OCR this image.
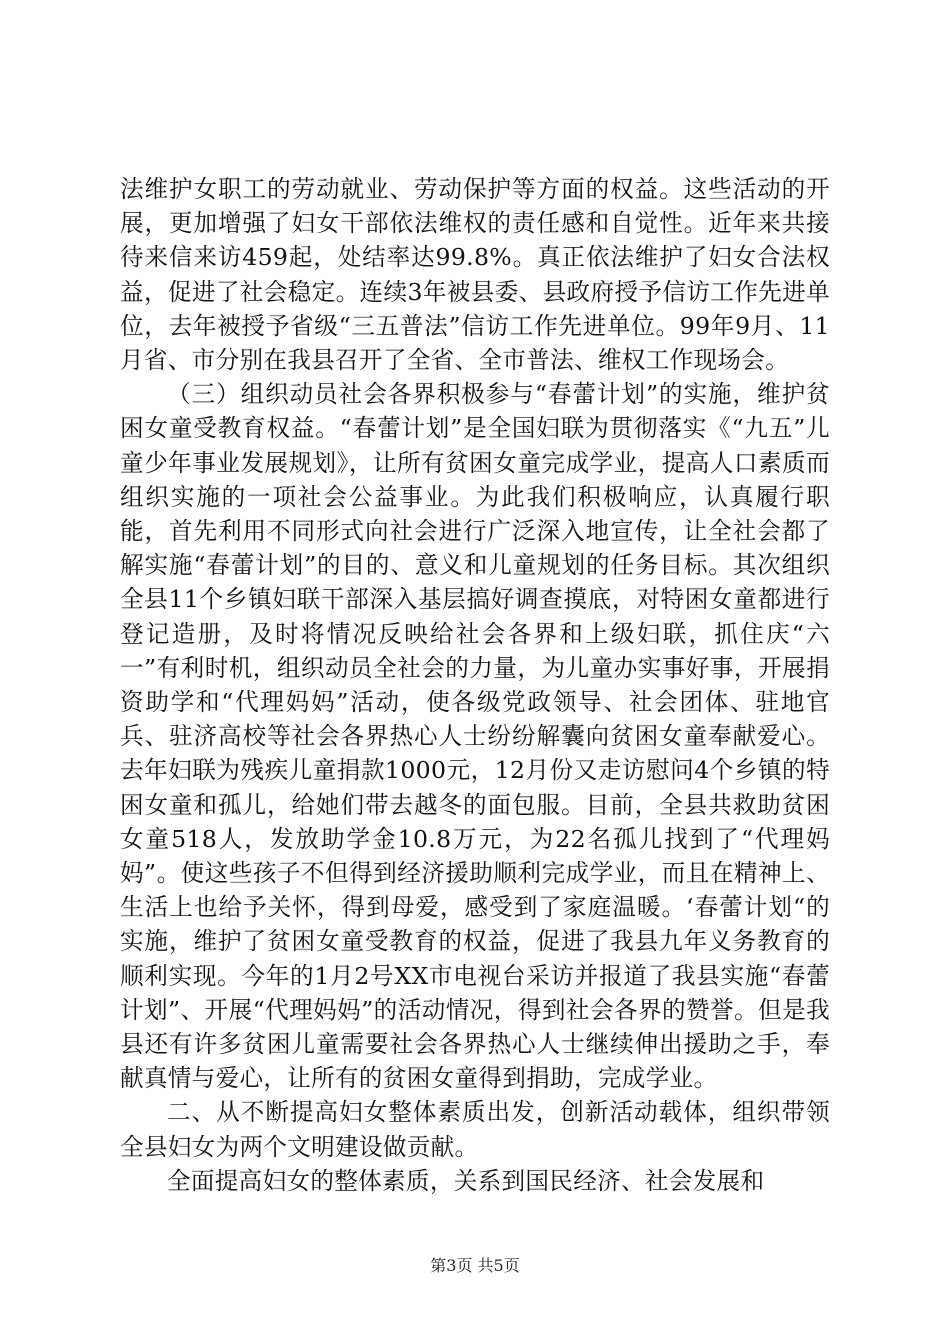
法维护女职工的劳动就业、劳动保护等方面的权益。这些活动的开展，更加增强了妇女干部依法维权的责任感和自觉性。近年来共接待来信来访459起，处结率达99.8%。真正依法维护了妇女合法权益，促进了社会稳定。连续3年被县委、县政府授予信访工作先进单位，去年被授予省级“三五普法”信访工作先进单位。99年9月、11月省、市分别在我县召开了全省、全市普法、维权工作现场会。

（三）组织动员社会各界积极参与“春蕾计划”的实施，维护贫困女童受教育权益。“春蕾计划”是全国妇联为贯彻落实《“九五”儿童少年事业发展规划》，让所有贫困女童完成学业，提高人口素质而组织实施的一项社会公益事业。为此我们积极响应，认真履行职能，首先利用不同形式向社会进行广泛深入地宣传，让全社会都了解实施“春蕾计划”的目的、意义和儿童规划的任务目标。其次组织全县11个乡镇妇联干部深入基层搞好调查摸底，对特困女童都进行登记造册，及时将情况反映给社会各界和上级妇联，抓住庆“六一”有利时机，组织动员全社会的力量，为儿童办实事好事，开展捐资助学和“代理妈妈”活动，使各级党政领导、社会团体、驻地官兵、驻济高校等社会各界热心人士纷纷解囊向贫困女童奉献爱心。去年妇联为残疾儿童捐款1000元，12月份又走访慰问4个乡镇的特困女童和孤儿，给她们带去越冬的面包服。目前，全县共救助贫困女童518人，发放助学金10.8万元，为22名孤儿找到了“代理妈妈”。使这些孩子不但得到经济援助顺利完成学业，而且在精神上、生活上也给予关怀，得到母爱，感受到了家庭温暖。‘春蕾计划“的实施，维护了贫困女童受教育的权益，促进了我县九年义务教育的顺利实现。今年的1月2号XX市电视台采访并报道了我县实施“春蕾计划”、开展“代理妈妈”的活动情况，得到社会各界的赞誉。但是我县还有许多贫困儿童需要社会各界热心人士继续伸出援助之手，奉献真情与爱心，让所有的贫困女童得到捐助，完成学业。

二、从不断提高妇女整体素质出发，创新活动载体，组织带领全县妇女为两个文明建设做贡献。

全面提高妇女的整体素质，关系到国民经济、社会发展和

第3页 共5页
